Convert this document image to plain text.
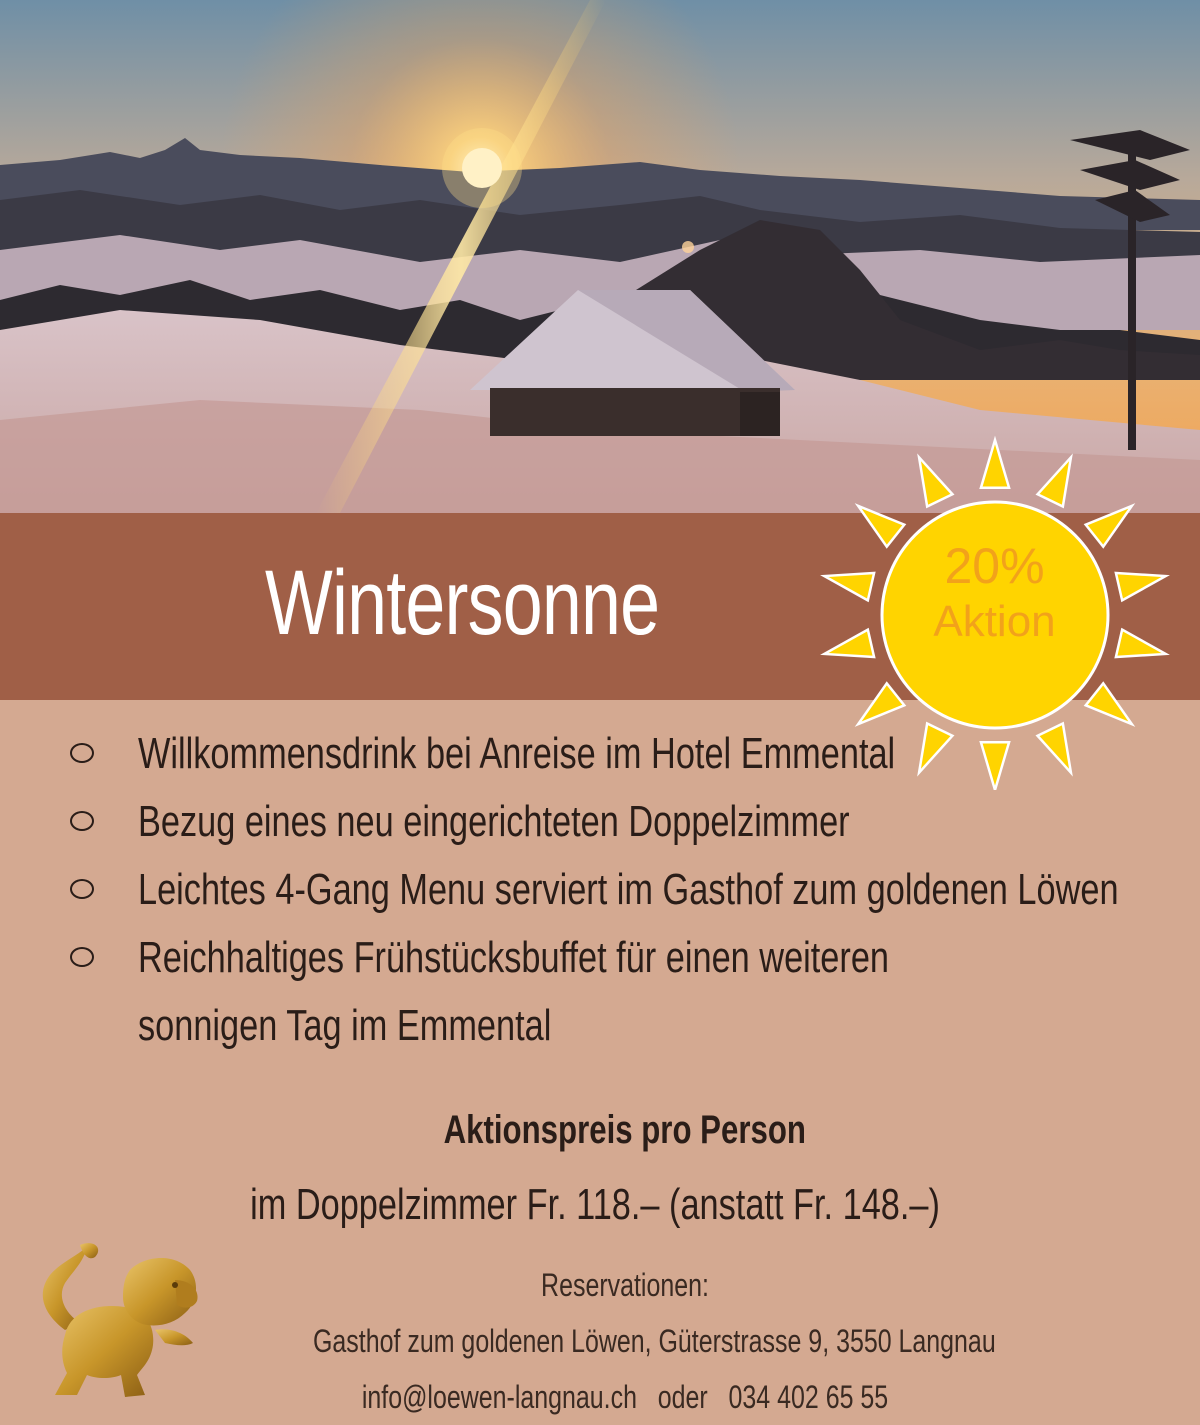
Wintersonne	20%
Aktion
Willkommensdrink bei Anreise im Hotel Emmental
Bezug eines neu eingerichteten Doppelzimmer
Leichtes 4-Gang Menu serviert im Gasthof zum goldenen Löwen
Reichhaltiges Frühstücksbuffet für einen weiteren
sonnigen Tag im Emmental
Aktionspreis pro Person
im Doppelzimmer Fr. 118.– (anstatt Fr. 148.–)
Reservationen:
Gasthof zum goldenen Löwen, Güterstrasse 9, 3550 Langnau
info@loewen-langnau.ch   oder   034 402 65 55
